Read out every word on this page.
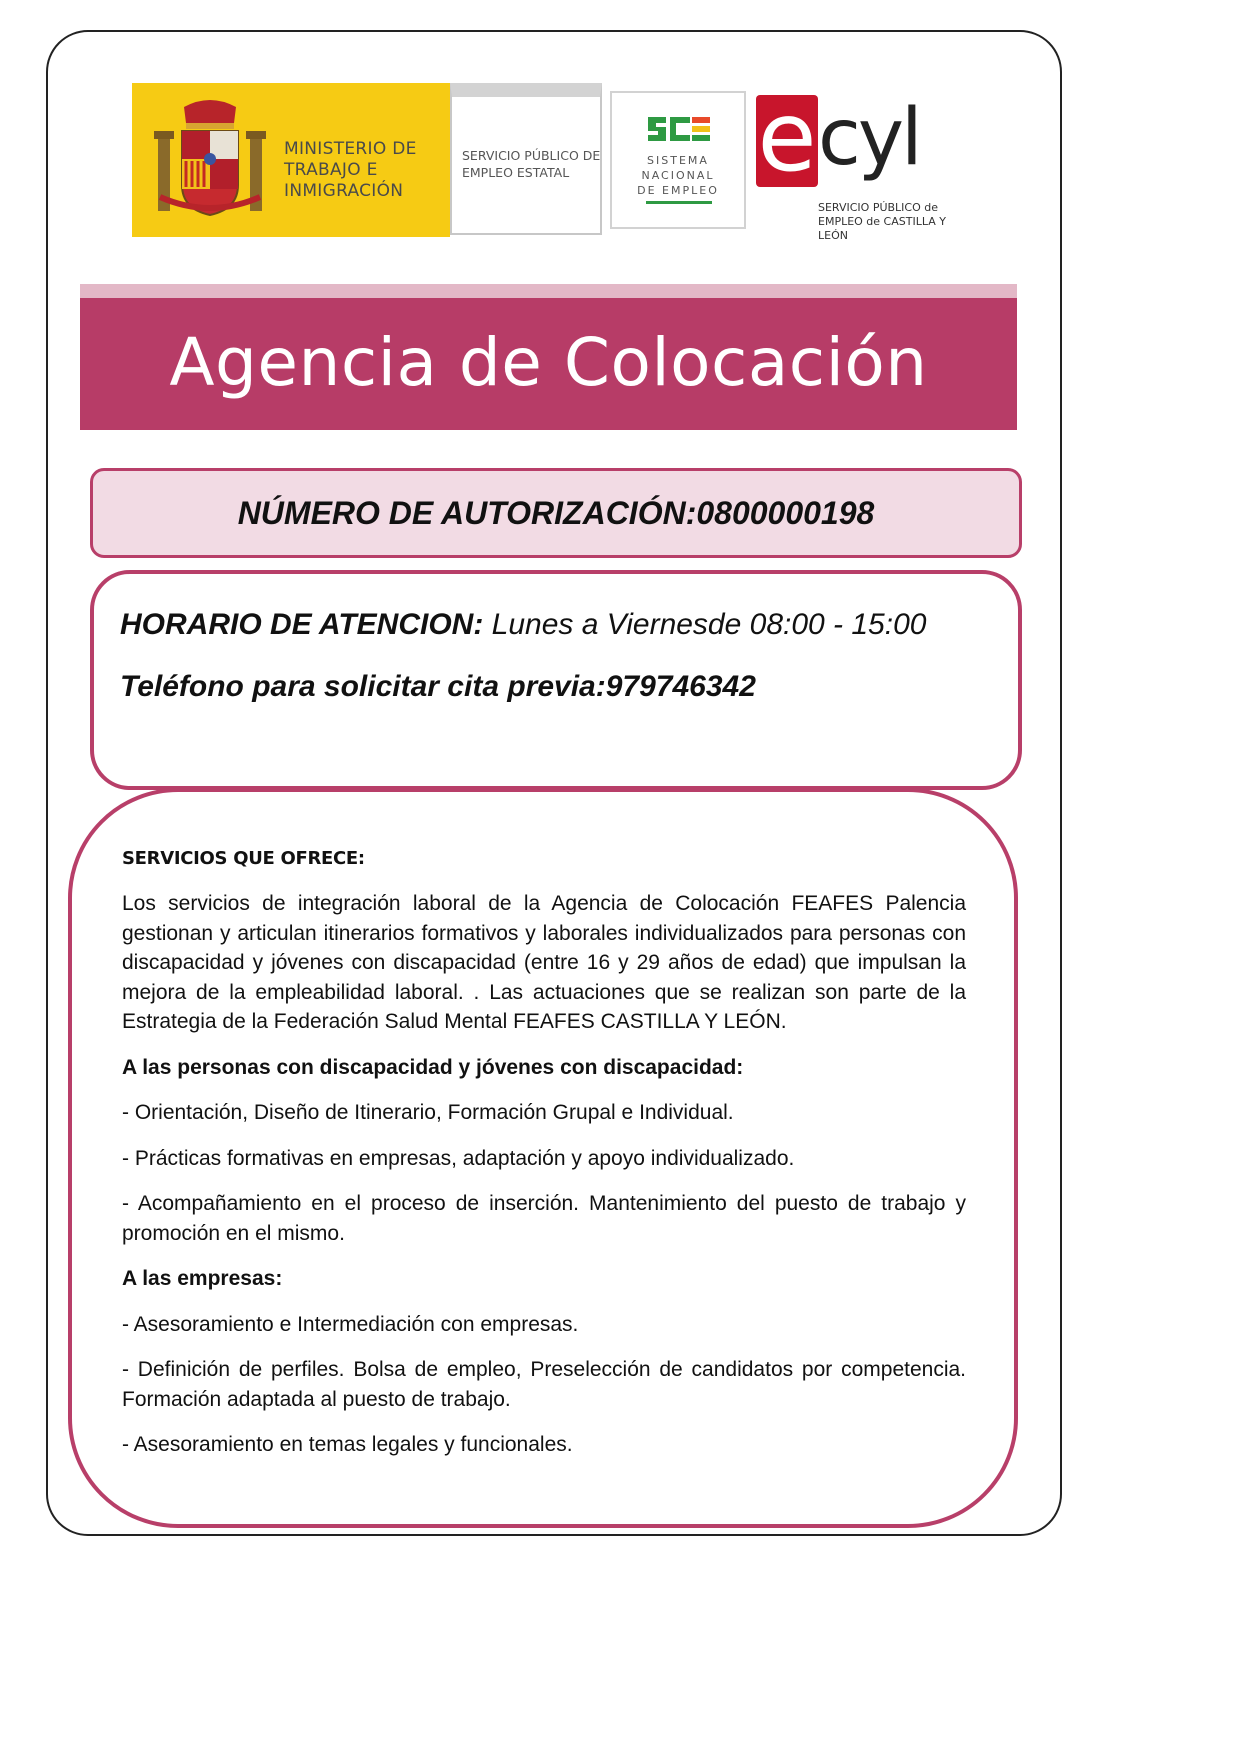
MINISTERIO DE TRABAJO E INMIGRACIÓN
SERVICIO PÚBLICO DE EMPLEO ESTATAL
SISTEMA NACIONAL DE EMPLEO e cyl
SERVICIO PÚBLICO de EMPLEO de CASTILLA Y LEÓN
Agencia de Colocación
NÚMERO DE AUTORIZACIÓN:0800000198
HORARIO DE ATENCION: Lunes a Viernesde 08:00 - 15:00
Teléfono para solicitar cita previa:979746342
SERVICIOS QUE OFRECE:

Los servicios de integración laboral de la Agencia de Colocación FEAFES Palencia gestionan y articulan itinerarios formativos y laborales individualizados para personas con discapacidad y jóvenes con discapacidad (entre 16 y 29 años de edad) que impulsan la mejora de la empleabilidad laboral. . Las actuaciones que se realizan son parte de la Estrategia de la Federación Salud Mental FEAFES CASTILLA Y LEÓN.

A las personas con discapacidad y jóvenes con discapacidad:

- Orientación, Diseño de Itinerario, Formación Grupal e Individual.

- Prácticas formativas en empresas, adaptación y apoyo individualizado.

- Acompañamiento en el proceso de inserción. Mantenimiento del puesto de trabajo y promoción en el mismo.

A las empresas:

- Asesoramiento e Intermediación con empresas.

- Definición de perfiles. Bolsa de empleo, Preselección de candidatos por competencia. Formación adaptada al puesto de trabajo.

- Asesoramiento en temas legales y funcionales.
